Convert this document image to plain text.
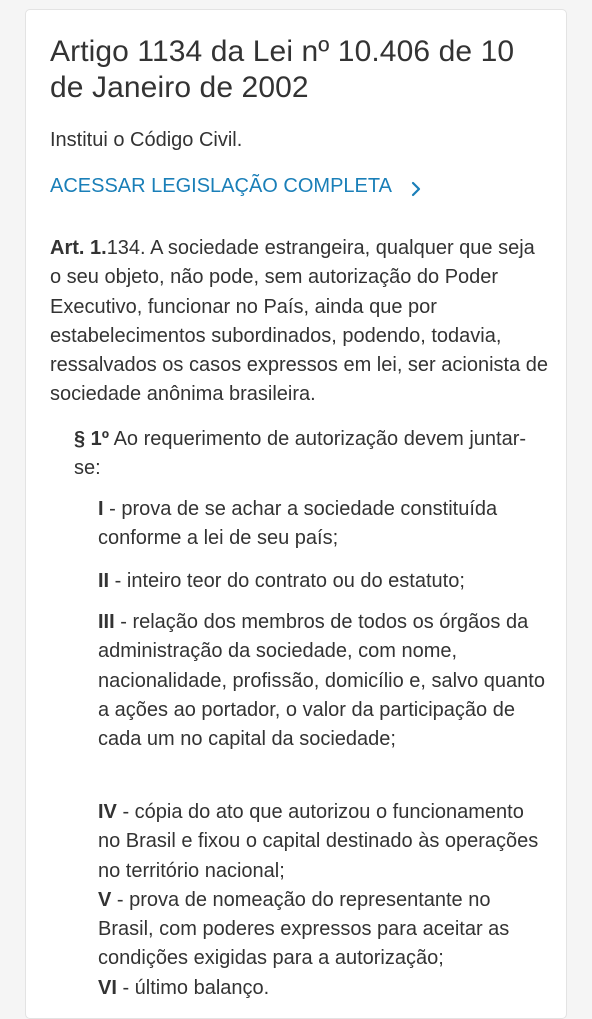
Artigo 1134 da Lei nº 10.406 de 10 de Janeiro de 2002

Institui o Código Civil.

ACESSAR LEGISLAÇÃO COMPLETA

Art. 1.134. A sociedade estrangeira, qualquer que seja o seu objeto, não pode, sem autorização do Poder Executivo, funcionar no País, ainda que por estabelecimentos subordinados, podendo, todavia, ressalvados os casos expressos em lei, ser acionista de sociedade anônima brasileira.

§ 1º Ao requerimento de autorização devem juntar-se:

I - prova de se achar a sociedade constituída conforme a lei de seu país;

II - inteiro teor do contrato ou do estatuto;

III - relação dos membros de todos os órgãos da administração da sociedade, com nome, nacionalidade, profissão, domicílio e, salvo quanto a ações ao portador, o valor da participação de cada um no capital da sociedade;

IV - cópia do ato que autorizou o funcionamento no Brasil e fixou o capital destinado às operações no território nacional;

V - prova de nomeação do representante no Brasil, com poderes expressos para aceitar as condições exigidas para a autorização;

VI - último balanço.
